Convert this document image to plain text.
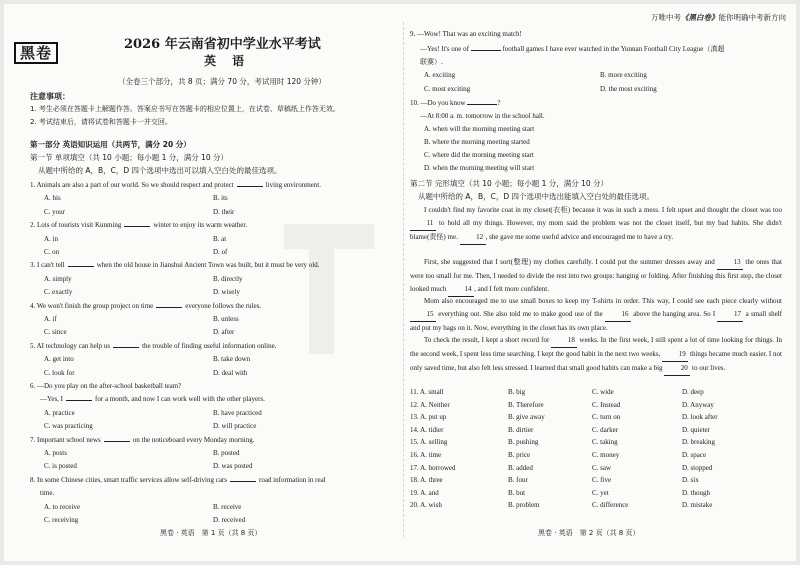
万唯中考《黑白卷》能你明确中考新方向
黑卷	2026 年云南省初中学业水平考试
英 语
（全卷三个部分，共 8 页；满分 70 分，考试用时 120 分钟）
注意事项：
1. 考生必须在答题卡上解题作答。答案应书写在答题卡的相应位置上，在试卷、草稿纸上作答无效。
2. 考试结束后，请将试卷和答题卡一并交回。
第一部分 英语知识运用（共两节，满分 20 分）
第一节 单项填空（共 10 小题；每小题 1 分，满分 10 分）
从题中所给的 A，B，C，D 四个选项中选出可以填入空白处的最佳选项。
1. Animals are also a part of our world. So we should respect and protect	living environment.
A. his	B. its
C. your	D. their
2. Lots of tourists visit Kunming	winter to enjoy its warm weather.
A. in	B. at
C. on	D. of
3. I can't tell	when the old house in Jianshui Ancient Town was built, but it must be very old.
A. simply	B. directly
C. exactly	D. wisely
4. We won't finish the group project on time	everyone follows the rules.
A. if	B. unless
C. since	D. after
5. AI technology can help us	the trouble of finding useful information online.
A. get into	B. take down
C. look for	D. deal with
6. —Do you play on the after-school basketball team?
—Yes, I	for a month, and now I can work well with the other players.
A. practice	B. have practiced
C. was practicing	D. will practice
7. Important school news	on the noticeboard every Monday morning.
A. posts	B. posted
C. is posted	D. was posted
8. In some Chinese cities, smart traffic services allow self-driving cars	road information in real
time.
A. to receive	B. receive
C. receiving	D. received
黑卷 · 英语　第 1 页（共 8 页）
9. —Wow! That was an exciting match!
—Yes! It's one of	football games I have ever watched in the Yunnan Football City League（滇超
联赛）.
A. exciting	B. more exciting
C. most exciting	D. the most exciting
10. —Do you know	?
—At 8:00 a. m. tomorrow in the school hall.
A. when will the morning meeting start
B. where the morning meeting started
C. where did the morning meeting start
D. when the morning meeting will start
第二节 完形填空（共 10 小题；每小题 1 分，满分 10 分）
从题中所给的 A，B，C，D 四个选项中选出能填入空白处的最佳选项。
I couldn't find my favorite coat in my closet(衣柜) because it was in such a mess. I felt upset and thought the closet was too 11 to hold all my things. However, my mom said the problem was not the closet itself, but my bad habits. She didn't blame(责怪) me. 12 , she gave me some useful advice and encouraged me to have a try.
First, she suggested that I sort(整理) my clothes carefully. I could put the summer dresses away and 13 the ones that were too small for me. Then, I needed to divide the rest into two groups: hanging or folding. After finishing this first step, the closet looked much 14 , and I felt more confident.
Mom also encouraged me to use small boxes to keep my T-shirts in order. This way, I could see each piece clearly without 15 everything out. She also told me to make good use of the 16 above the hanging area. So I 17 a small shelf and put my bags on it. Now, everything in the closet has its own place.
To check the result, I kept a short record for 18 weeks. In the first week, I still spent a lot of time looking for things. In the second week, I spent less time searching. I kept the good habit in the next two weeks, 19 things became much easier. I not only saved time, but also felt less stressed. I learned that small good habits can make a big 20 to our lives.
11. A. small	B. big	C. wide	D. deep
12. A. Neither	B. Therefore	C. Instead	D. Anyway
13. A. put up	B. give away	C. turn on	D. look after
14. A. tidier	B. dirtier	C. darker	D. quieter
15. A. selling	B. pushing	C. taking	D. breaking
16. A. time	B. price	C. money	D. space
17. A. borrowed	B. added	C. saw	D. stopped
18. A. three	B. four	C. five	D. six
19. A. and	B. but	C. yet	D. though
20. A. wish	B. problem	C. difference	D. mistake
黑卷 · 英语　第 2 页（共 8 页）
